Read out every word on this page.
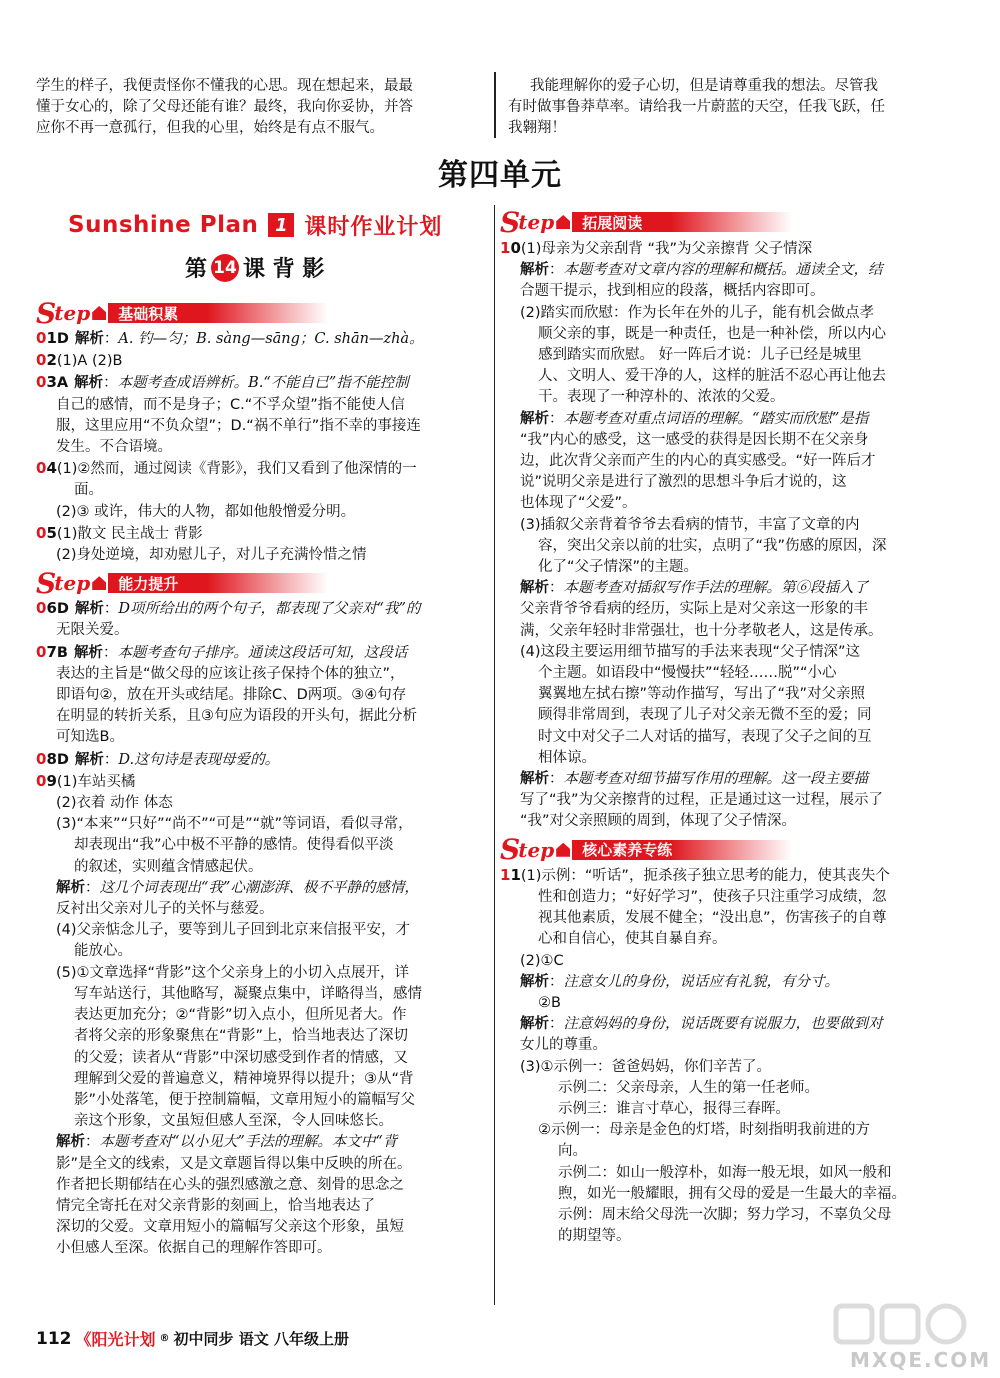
学生的样子，我便责怪你不懂我的心思。现在想起来，最最
懂于女心的，除了父母还能有谁？最终，我向你妥协，并答
应你不再一意孤行，但我的心里，始终是有点不服气。
我能理解你的爱子心切，但是请尊重我的想法。尽管我
有时做事鲁莽草率。请给我一片蔚蓝的天空，任我飞跃，任
我翱翔！
第四单元
Sunshine Plan 1 课时作业计划
第 14 课 背 影
S
tep	基础积累
S
tep	拓展阅读
01D 解析：A. 钓—匀；B. sàng—sāng；C. shān—zhà。
02(1)A (2)B
03A 解析：本题考查成语辨析。B.“不能自已”指不能控制
自己的感情，而不是身子；C.“不孚众望”指不能使人信
服，这里应用“不负众望”；D.“祸不单行”指不幸的事接连
发生。不合语境。
04(1)②然而，通过阅读《背影》，我们又看到了他深情的一
面。
(2)③ 或许，伟大的人物，都如他般憎爱分明。
05(1)散文 民主战士 背影
(2)身处逆境，却劝慰儿子，对儿子充满怜惜之情
S
tep	能力提升
06D 解析：D项所给出的两个句子，都表现了父亲对“我”的
无限关爱。
07B 解析：本题考查句子排序。通读这段话可知，这段话
表达的主旨是“做父母的应该让孩子保持个体的独立”，
即语句②，放在开头或结尾。排除C、D两项。③④句存
在明显的转折关系，且③句应为语段的开头句，据此分析
可知选B。
08D 解析：D.这句诗是表现母爱的。
09(1)车站买橘
(2)衣着 动作 体态
(3)“本来”“只好”“尚不”“可是”“就”等词语，看似寻常，
却表现出“我”心中极不平静的感情。使得看似平淡
的叙述，实则蕴含情感起伏。
解析：这几个词表现出“我”心潮澎湃、极不平静的感情，
反衬出父亲对儿子的关怀与慈爱。
(4)父亲惦念儿子，要等到儿子回到北京来信报平安，才
能放心。
(5)①文章选择“背影”这个父亲身上的小切入点展开，详
写车站送行，其他略写，凝聚点集中，详略得当，感情
表达更加充分；②“背影”切入点小，但所见者大。作
者将父亲的形象聚焦在“背影”上，恰当地表达了深切
的父爱；读者从“背影”中深切感受到作者的情感，又
理解到父爱的普遍意义，精神境界得以提升；③从“背
影”小处落笔，便于控制篇幅，文章用短小的篇幅写父
亲这个形象，文虽短但感人至深，令人回味悠长。
解析：本题考查对“以小见大”手法的理解。本文中“背
影”是全文的线索，又是文章题旨得以集中反映的所在。
作者把长期郁结在心头的强烈感激之意、刻骨的思念之
情完全寄托在对父亲背影的刻画上，恰当地表达了
深切的父爱。文章用短小的篇幅写父亲这个形象，虽短
小但感人至深。依据自己的理解作答即可。
10(1)母亲为父亲刮背 “我”为父亲擦背 父子情深
解析：本题考查对文章内容的理解和概括。通读全文，结
合题干提示，找到相应的段落，概括内容即可。
(2)踏实而欣慰：作为长年在外的儿子，能有机会做点孝
顺父亲的事，既是一种责任，也是一种补偿，所以内心
感到踏实而欣慰。 好一阵后才说：儿子已经是城里
人、文明人、爱干净的人，这样的脏活不忍心再让他去
干。表现了一种淳朴的、浓浓的父爱。
解析：本题考查对重点词语的理解。“踏实而欣慰”是指
“我”内心的感受，这一感受的获得是因长期不在父亲身
边，此次背父亲而产生的内心的真实感受。“好一阵后才
说”说明父亲是进行了激烈的思想斗争后才说的，这
也体现了“父爱”。
(3)插叙父亲背着爷爷去看病的情节，丰富了文章的内
容，突出父亲以前的壮实，点明了“我”伤感的原因，深
化了“父子情深”的主题。
解析：本题考查对插叙写作手法的理解。第⑥段插入了
父亲背爷爷看病的经历，实际上是对父亲这一形象的丰
满，父亲年轻时非常强壮，也十分孝敬老人，这是传承。
(4)这段主要运用细节描写的手法来表现“父子情深”这
个主题。如语段中“慢慢扶”“轻轻……脱”“小心
翼翼地左拭右擦”等动作描写，写出了“我”对父亲照
顾得非常周到，表现了儿子对父亲无微不至的爱；同
时文中对父子二人对话的描写，表现了父子之间的互
相体谅。
解析：本题考查对细节描写作用的理解。这一段主要描
写了“我”为父亲擦背的过程，正是通过这一过程，展示了
“我”对父亲照顾的周到，体现了父子情深。
S
tep	核心素养专练
11(1)示例：“听话”，扼杀孩子独立思考的能力，使其丧失个
性和创造力；“好好学习”，使孩子只注重学习成绩，忽
视其他素质，发展不健全；“没出息”，伤害孩子的自尊
心和自信心，使其自暴自弃。
(2)①C
解析：注意女儿的身份，说话应有礼貌，有分寸。
②B
解析：注意妈妈的身份，说话既要有说服力，也要做到对
女儿的尊重。
(3)①示例一：爸爸妈妈，你们辛苦了。
示例二：父亲母亲，人生的第一任老师。
示例三：谁言寸草心，报得三春晖。
②示例一：母亲是金色的灯塔，时刻指明我前进的方
向。
示例二：如山一般淳朴，如海一般无垠，如风一般和
煦，如光一般耀眼，拥有父母的爱是一生最大的幸福。
示例：周末给父母洗一次脚；努力学习，不辜负父母
的期望等。
112 《阳光计划 ® 初中同步 语文 八年级上册
MXQE.COM
